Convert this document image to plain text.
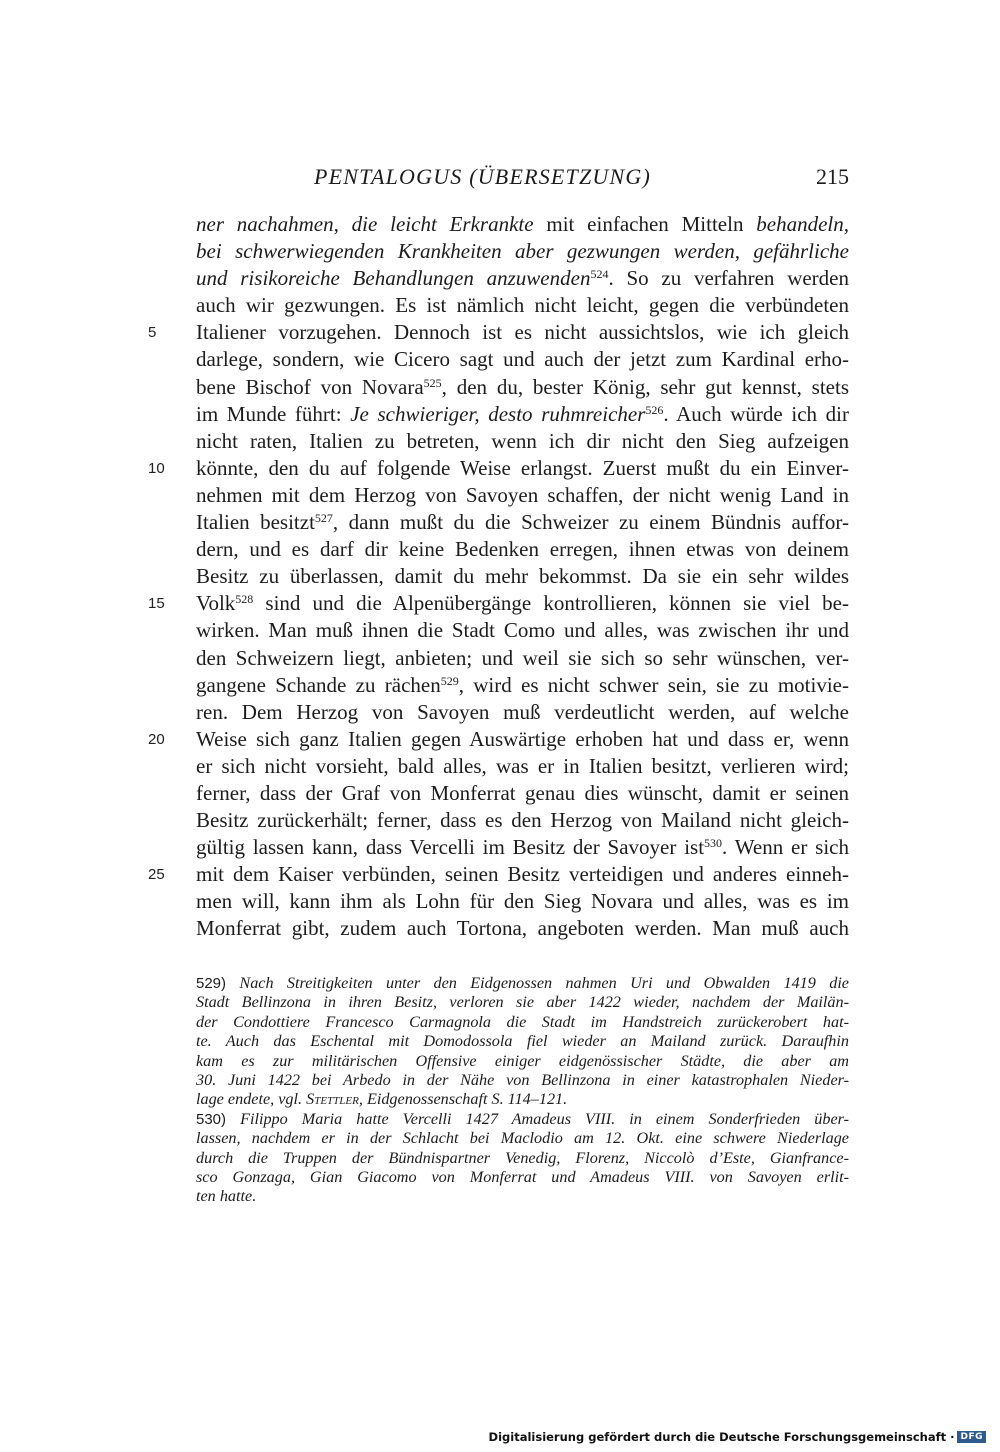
PENTALOGUS (ÜBERSETZUNG)	215
ner nachahmen, die leicht Erkrankte mit einfachen Mitteln behandeln,
bei schwerwiegenden Krankheiten aber gezwungen werden, gefährliche
und risikoreiche Behandlungen anzuwenden$^{524}$. So zu verfahren werden
auch wir gezwungen. Es ist nämlich nicht leicht, gegen die verbündeten
5 Italiener vorzugehen. Dennoch ist es nicht aussichtslos, wie ich gleich
darlege, sondern, wie Cicero sagt und auch der jetzt zum Kardinal erho-
bene Bischof von Novara$^{525}$, den du, bester König, sehr gut kennst, stets
im Munde führt: Je schwieriger, desto ruhmreicher$^{526}$. Auch würde ich dir
nicht raten, Italien zu betreten, wenn ich dir nicht den Sieg aufzeigen
10 könnte, den du auf folgende Weise erlangst. Zuerst mußt du ein Einver-
nehmen mit dem Herzog von Savoyen schaffen, der nicht wenig Land in
Italien besitzt$^{527}$, dann mußt du die Schweizer zu einem Bündnis auffor-
dern, und es darf dir keine Bedenken erregen, ihnen etwas von deinem
Besitz zu überlassen, damit du mehr bekommst. Da sie ein sehr wildes
15 Volk$^{528}$ sind und die Alpenübergänge kontrollieren, können sie viel be-
wirken. Man muß ihnen die Stadt Como und alles, was zwischen ihr und
den Schweizern liegt, anbieten; und weil sie sich so sehr wünschen, ver-
gangene Schande zu rächen$^{529}$, wird es nicht schwer sein, sie zu motivie-
ren. Dem Herzog von Savoyen muß verdeutlicht werden, auf welche
20 Weise sich ganz Italien gegen Auswärtige erhoben hat und dass er, wenn
er sich nicht vorsieht, bald alles, was er in Italien besitzt, verlieren wird;
ferner, dass der Graf von Monferrat genau dies wünscht, damit er seinen
Besitz zurückerhält; ferner, dass es den Herzog von Mailand nicht gleich-
gültig lassen kann, dass Vercelli im Besitz der Savoyer ist$^{530}$. Wenn er sich
25 mit dem Kaiser verbünden, seinen Besitz verteidigen und anderes einneh-
men will, kann ihm als Lohn für den Sieg Novara und alles, was es im
Monferrat gibt, zudem auch Tortona, angeboten werden. Man muß auch
529) Nach Streitigkeiten unter den Eidgenossen nahmen Uri und Obwalden 1419 die
Stadt Bellinzona in ihren Besitz, verloren sie aber 1422 wieder, nachdem der Mailän-
der Condottiere Francesco Carmagnola die Stadt im Handstreich zurückerobert hat-
te. Auch das Eschental mit Domodossola fiel wieder an Mailand zurück. Daraufhin
kam es zur militärischen Offensive einiger eidgenössischer Städte, die aber am
30. Juni 1422 bei Arbedo in der Nähe von Bellinzona in einer katastrophalen Nieder-
lage endete, vgl. Stettler, Eidgenossenschaft S. 114–121.
530) Filippo Maria hatte Vercelli 1427 Amadeus VIII. in einem Sonderfrieden über-
lassen, nachdem er in der Schlacht bei Maclodio am 12. Okt. eine schwere Niederlage
durch die Truppen der Bündnispartner Venedig, Florenz, Niccolò d’Este, Gianfrance-
sco Gonzaga, Gian Giacomo von Monferrat und Amadeus VIII. von Savoyen erlit-
ten hatte.
Digitalisierung gefördert durch die Deutsche Forschungsgemeinschaft · DFG
